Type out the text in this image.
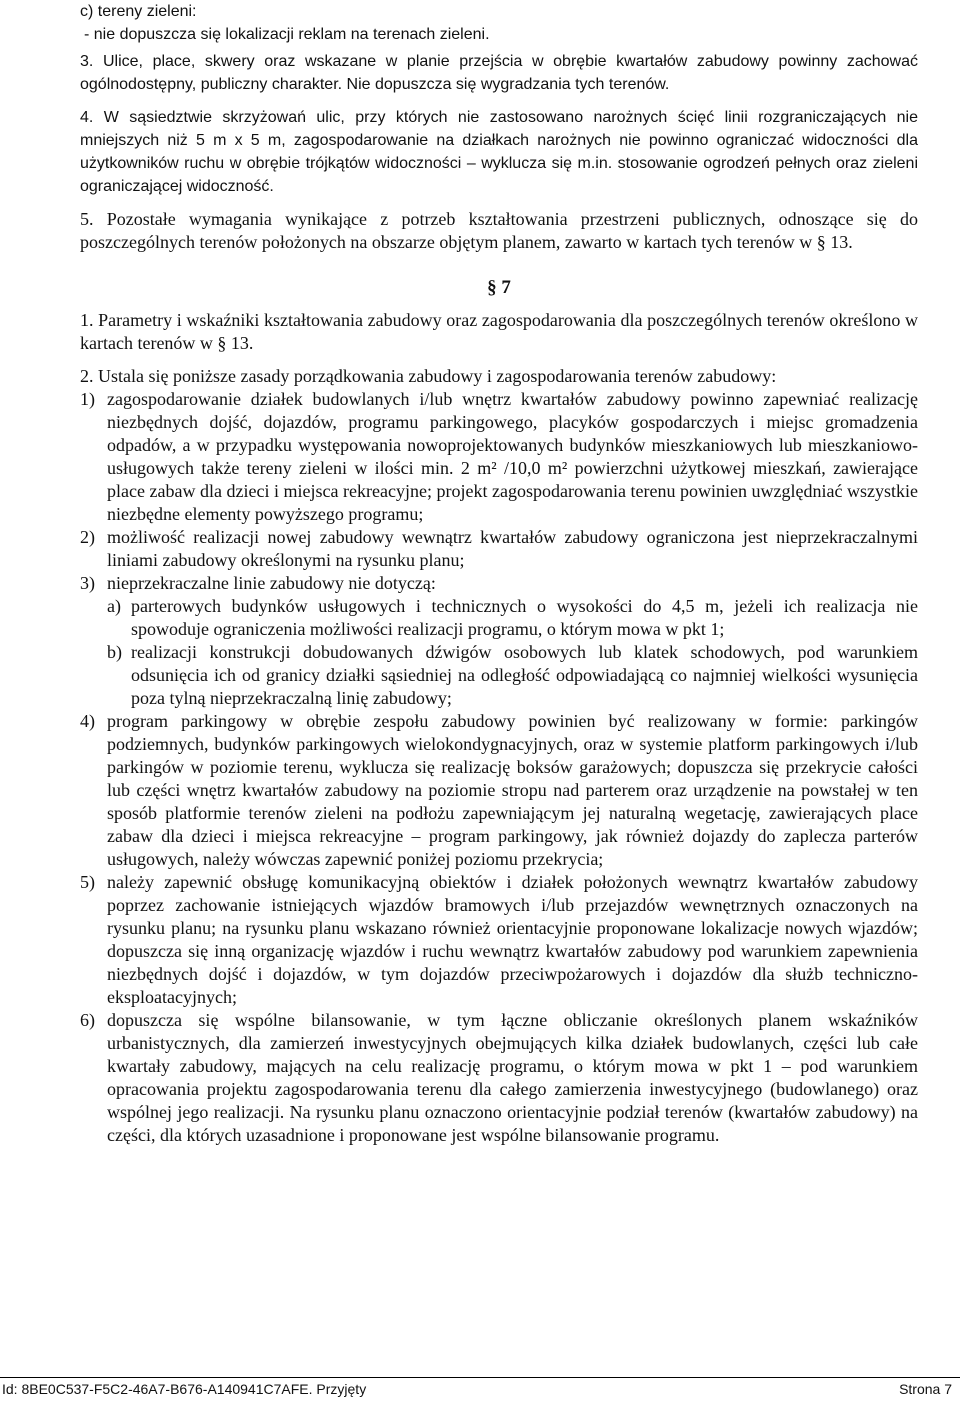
c) tereny zieleni:
- nie dopuszcza się lokalizacji reklam na terenach zieleni.
3. Ulice, place, skwery oraz wskazane w planie przejścia w obrębie kwartałów zabudowy powinny zachować ogólnodostępny, publiczny charakter. Nie dopuszcza się wygradzania tych terenów.
4. W sąsiedztwie skrzyżowań ulic, przy których nie zastosowano narożnych ścięć linii rozgraniczających nie mniejszych niż 5 m x 5 m, zagospodarowanie na działkach narożnych nie powinno ograniczać widoczności dla użytkowników ruchu w obrębie trójkątów widoczności – wyklucza się m.in. stosowanie ogrodzeń pełnych oraz zieleni ograniczającej widoczność.
5. Pozostałe wymagania wynikające z potrzeb kształtowania przestrzeni publicznych, odnoszące się do poszczególnych terenów położonych na obszarze objętym planem, zawarto w kartach tych terenów w § 13.
§ 7
1. Parametry i wskaźniki kształtowania zabudowy oraz zagospodarowania dla poszczególnych terenów określono w kartach terenów w § 13.
2. Ustala się poniższe zasady porządkowania zabudowy i zagospodarowania terenów zabudowy:
1) zagospodarowanie działek budowlanych i/lub wnętrz kwartałów zabudowy powinno zapewniać realizację niezbędnych dojść, dojazdów, programu parkingowego, placyków gospodarczych i miejsc gromadzenia odpadów, a w przypadku występowania nowoprojektowanych budynków mieszkaniowych lub mieszkaniowo-usługowych także tereny zieleni w ilości min. 2 m² /10,0 m² powierzchni użytkowej mieszkań, zawierające place zabaw dla dzieci i miejsca rekreacyjne; projekt zagospodarowania terenu powinien uwzględniać wszystkie niezbędne elementy powyższego programu;
2) możliwość realizacji nowej zabudowy wewnątrz kwartałów zabudowy ograniczona jest nieprzekraczalnymi liniami zabudowy określonymi na rysunku planu;
3) nieprzekraczalne linie zabudowy nie dotyczą:
a) parterowych budynków usługowych i technicznych o wysokości do 4,5 m, jeżeli ich realizacja nie spowoduje ograniczenia możliwości realizacji programu, o którym mowa w pkt 1;
b) realizacji konstrukcji dobudowanych dźwigów osobowych lub klatek schodowych, pod warunkiem odsunięcia ich od granicy działki sąsiedniej na odległość odpowiadającą co najmniej wielkości wysunięcia poza tylną nieprzekraczalną linię zabudowy;
4) program parkingowy w obrębie zespołu zabudowy powinien być realizowany w formie: parkingów podziemnych, budynków parkingowych wielokondygnacyjnych, oraz w systemie platform parkingowych i/lub parkingów w poziomie terenu, wyklucza się realizację boksów garażowych; dopuszcza się przekrycie całości lub części wnętrz kwartałów zabudowy na poziomie stropu nad parterem oraz urządzenie na powstałej w ten sposób platformie terenów zieleni na podłożu zapewniającym jej naturalną wegetację, zawierających place zabaw dla dzieci i miejsca rekreacyjne – program parkingowy, jak również dojazdy do zaplecza parterów usługowych, należy wówczas zapewnić poniżej poziomu przekrycia;
5) należy zapewnić obsługę komunikacyjną obiektów i działek położonych wewnątrz kwartałów zabudowy poprzez zachowanie istniejących wjazdów bramowych i/lub przejazdów wewnętrznych oznaczonych na rysunku planu; na rysunku planu wskazano również orientacyjnie proponowane lokalizacje nowych wjazdów; dopuszcza się inną organizację wjazdów i ruchu wewnątrz kwartałów zabudowy pod warunkiem zapewnienia niezbędnych dojść i dojazdów, w tym dojazdów przeciwpożarowych i dojazdów dla służb techniczno-eksploatacyjnych;
6) dopuszcza się wspólne bilansowanie, w tym łączne obliczanie określonych planem wskaźników urbanistycznych, dla zamierzeń inwestycyjnych obejmujących kilka działek budowlanych, części lub całe kwartały zabudowy, mających na celu realizację programu, o którym mowa w pkt 1 – pod warunkiem opracowania projektu zagospodarowania terenu dla całego zamierzenia inwestycyjnego (budowlanego) oraz wspólnej jego realizacji. Na rysunku planu oznaczono orientacyjnie podział terenów (kwartałów zabudowy) na części, dla których uzasadnione i proponowane jest wspólne bilansowanie programu.
Id: 8BE0C537-F5C2-46A7-B676-A140941C7AFE. Przyjęty	Strona 7
